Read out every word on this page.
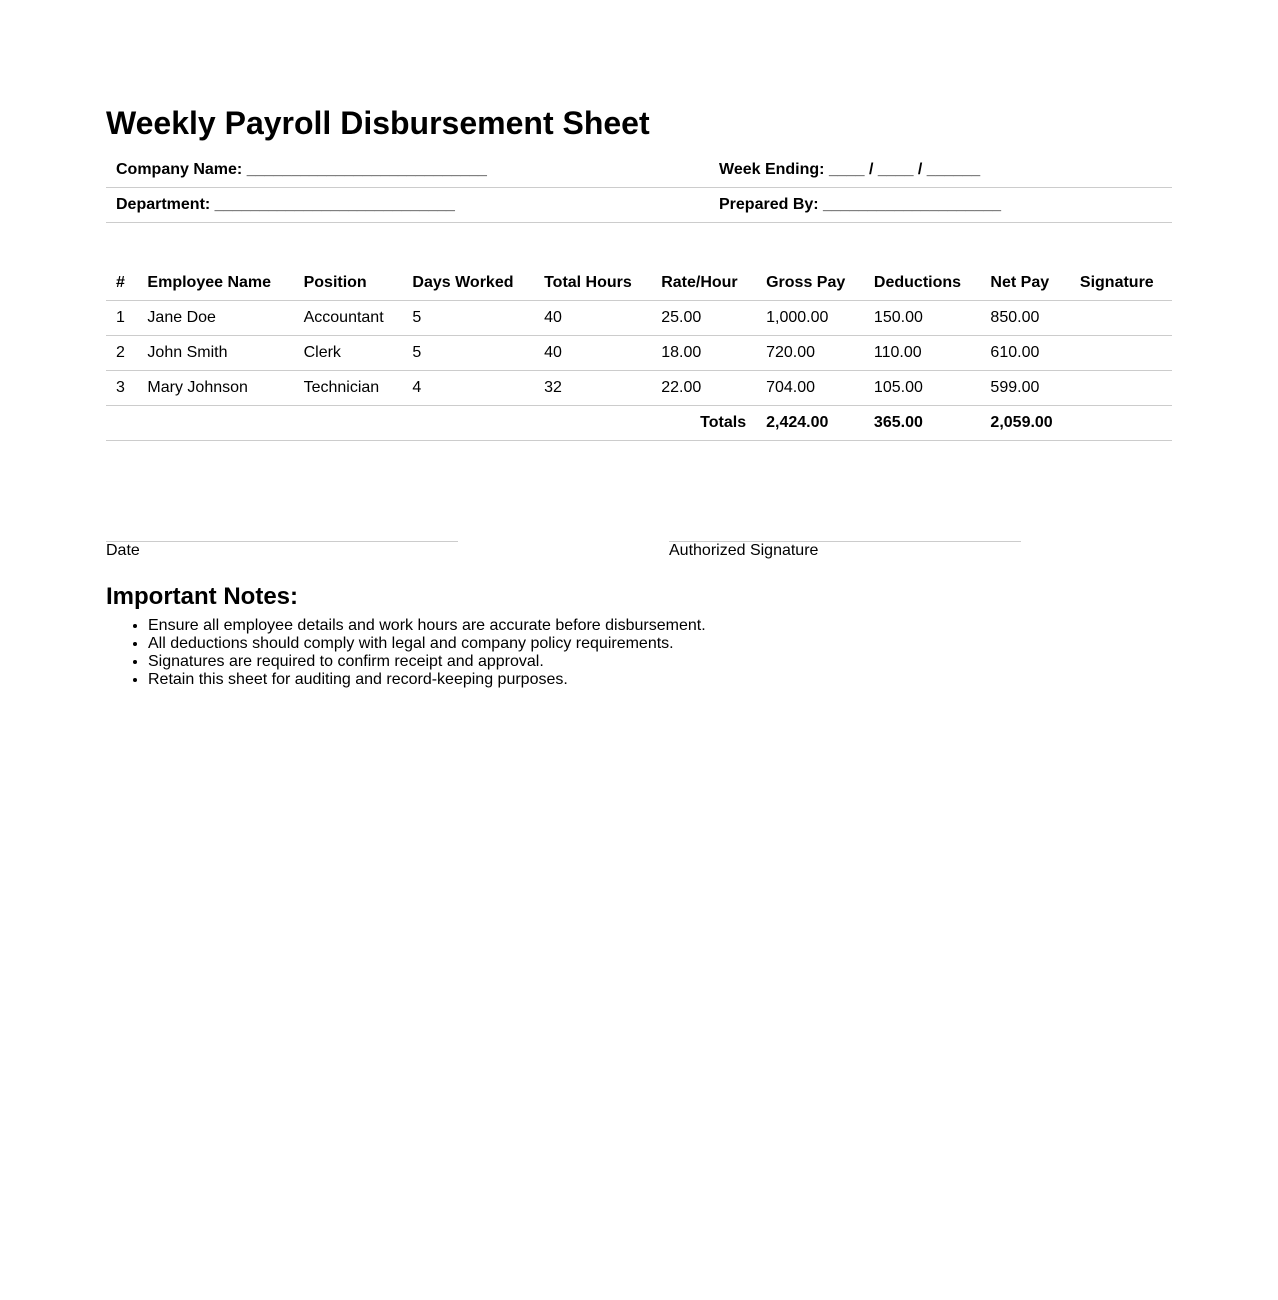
Weekly Payroll Disbursement Sheet
Company Name: ___________________________	Week Ending: ____ / ____ / ______
Department: ___________________________	Prepared By: ____________________
#	Employee Name	Position	Days Worked	Total Hours	Rate/Hour	Gross Pay	Deductions	Net Pay	Signature
1	Jane Doe	Accountant	5	40	25.00	1,000.00	150.00	850.00	
2	John Smith	Clerk	5	40	18.00	720.00	110.00	610.00	
3	Mary Johnson	Technician	4	32	22.00	704.00	105.00	599.00	
Totals						2,424.00	365.00	2,059.00	
Date	Authorized Signature
Important Notes:
• Ensure all employee details and work hours are accurate before disbursement.
• All deductions should comply with legal and company policy requirements.
• Signatures are required to confirm receipt and approval.
• Retain this sheet for auditing and record-keeping purposes.
